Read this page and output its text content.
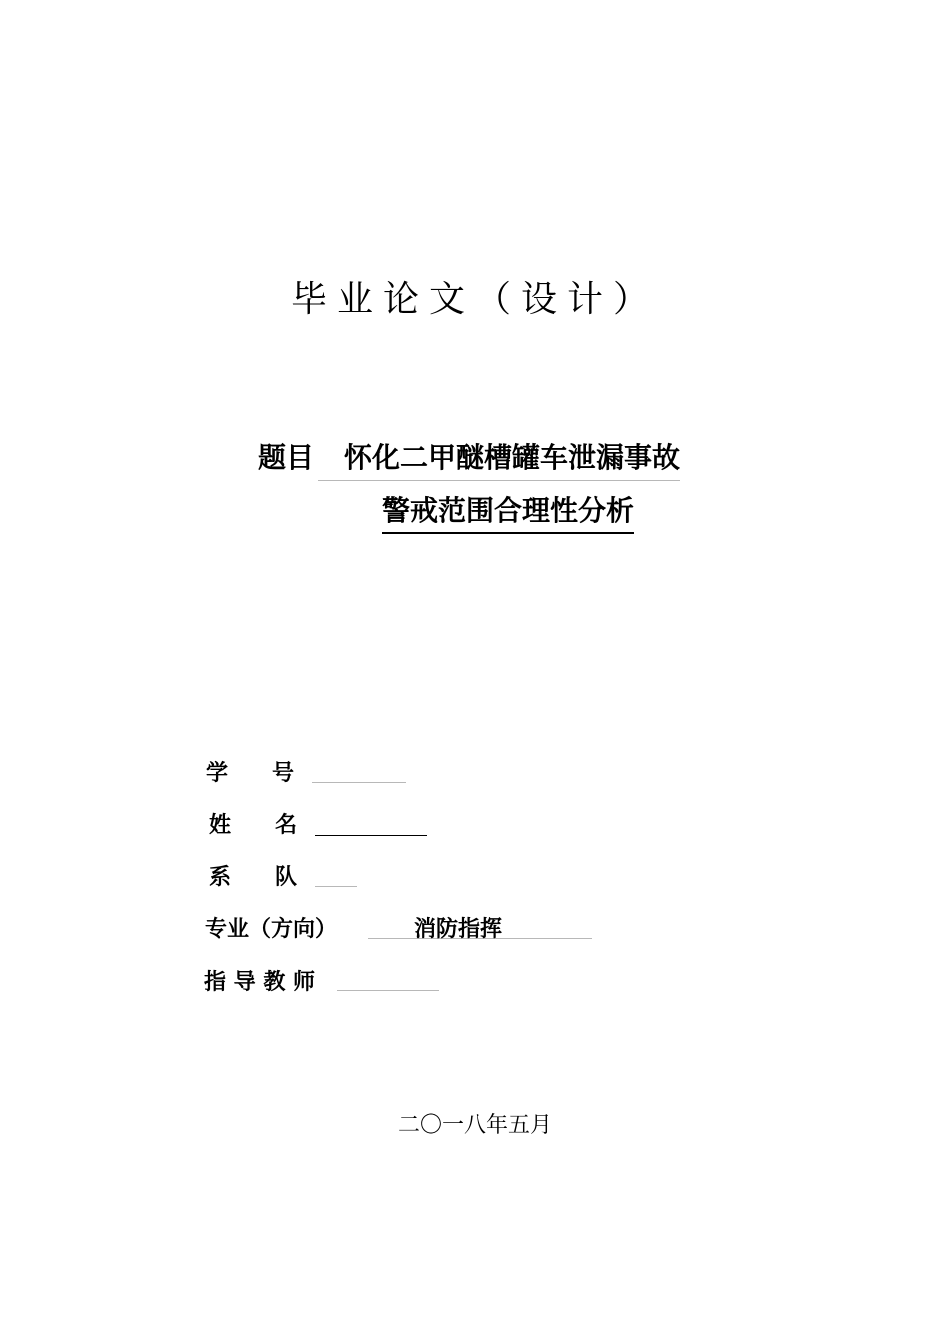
毕业论文（设计）
题目	怀化二甲醚槽罐车泄漏事故
警戒范围合理性分析
学　　号
姓　　名
系　　队
专业（方向）	消防指挥
指 导 教 师
二〇一八年五月
